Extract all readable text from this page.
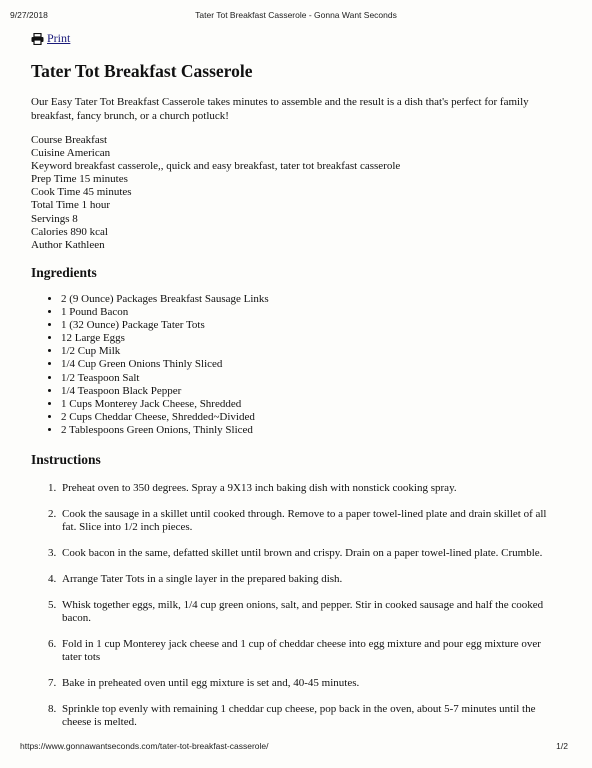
9/27/2018	Tater Tot Breakfast Casserole - Gonna Want Seconds
Print
Tater Tot Breakfast Casserole

Our Easy Tater Tot Breakfast Casserole takes minutes to assemble and the result is a dish that's perfect for family breakfast, fancy brunch, or a church potluck!

Course Breakfast
Cuisine American
Keyword breakfast casserole,, quick and easy breakfast, tater tot breakfast casserole
Prep Time 15 minutes
Cook Time 45 minutes
Total Time 1 hour
Servings 8
Calories 890 kcal
Author Kathleen
Ingredients
• 2 (9 Ounce) Packages Breakfast Sausage Links
• 1 Pound Bacon
• 1 (32 Ounce) Package Tater Tots
• 12 Large Eggs
• 1/2 Cup Milk
• 1/4 Cup Green Onions Thinly Sliced
• 1/2 Teaspoon Salt
• 1/4 Teaspoon Black Pepper
• 1 Cups Monterey Jack Cheese, Shredded
• 2 Cups Cheddar Cheese, Shredded~Divided
• 2 Tablespoons Green Onions, Thinly Sliced
Instructions
1. Preheat oven to 350 degrees. Spray a 9X13 inch baking dish with nonstick cooking spray.
2. Cook the sausage in a skillet until cooked through. Remove to a paper towel-lined plate and drain skillet of all fat. Slice into 1/2 inch pieces.
3. Cook bacon in the same, defatted skillet until brown and crispy. Drain on a paper towel-lined plate. Crumble.
4. Arrange Tater Tots in a single layer in the prepared baking dish.
5. Whisk together eggs, milk, 1/4 cup green onions, salt, and pepper. Stir in cooked sausage and half the cooked bacon.
6. Fold in 1 cup Monterey jack cheese and 1 cup of cheddar cheese into egg mixture and pour egg mixture over tater tots
7. Bake in preheated oven until egg mixture is set and, 40-45 minutes.
8. Sprinkle top evenly with remaining 1 cheddar cup cheese, pop back in the oven, about 5-7 minutes until the cheese is melted.
https://www.gonnawantseconds.com/tater-tot-breakfast-casserole/	1/2
